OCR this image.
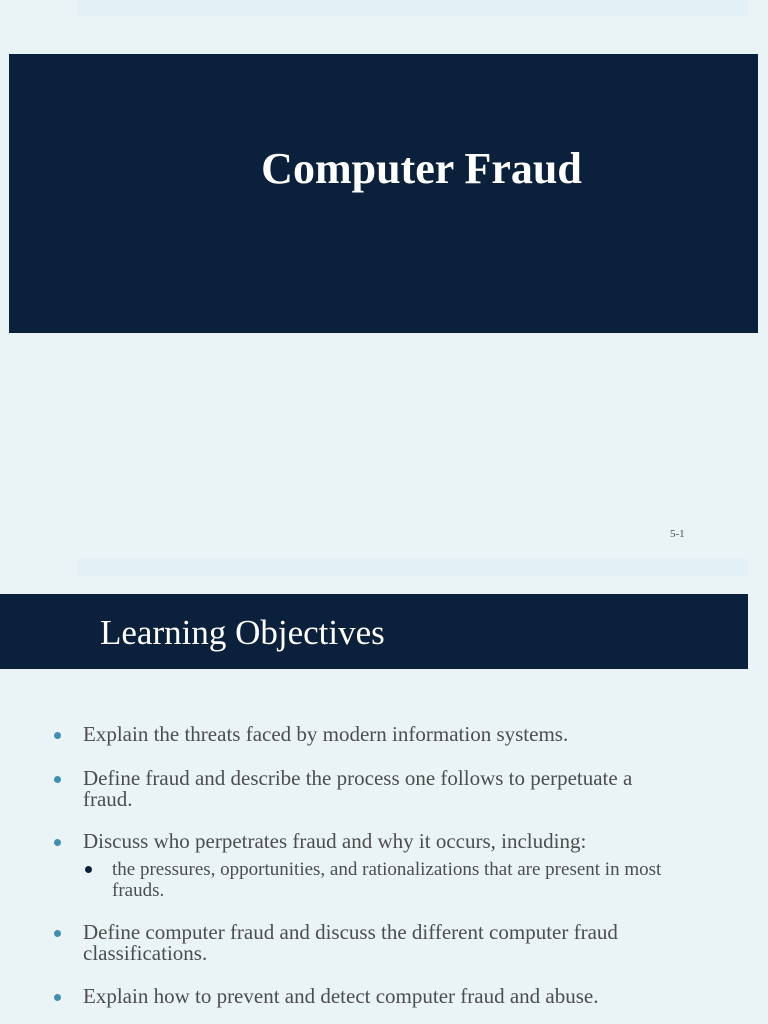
Computer Fraud
5-1
Learning Objectives
Explain the threats faced by modern information systems.
Define fraud and describe the process one follows to perpetuate a fraud.
Discuss who perpetrates fraud and why it occurs, including:
the pressures, opportunities, and rationalizations that are present in most frauds.
Define computer fraud and discuss the different computer fraud classifications.
Explain how to prevent and detect computer fraud and abuse.
